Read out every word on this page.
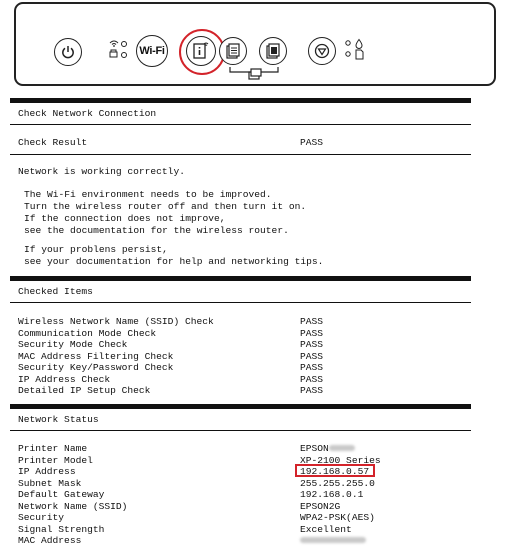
Wi-Fi
Check Network Connection
Check Result	PASS
Network is working correctly.
The Wi-Fi environment needs to be improved.
Turn the wireless router off and then turn it on.
If the connection does not improve,
see the documentation for the wireless router.
If your problens persist,
see your documentation for help and networking tips.
Checked Items
Wireless Network Name (SSID) Check	PASS
Communication Mode Check	PASS
Security Mode Check	PASS
MAC Address Filtering Check	PASS
Security Key/Password Check	PASS
IP Address Check	PASS
Detailed IP Setup Check	PASS
Network Status
Printer Name	EPSON
Printer Model	XP-2100 Series
IP Address	192.168.0.57
Subnet Mask	255.255.255.0
Default Gateway	192.168.0.1
Network Name (SSID)	EPSON2G
Security	WPA2-PSK(AES)
Signal Strength	Excellent
MAC Address
